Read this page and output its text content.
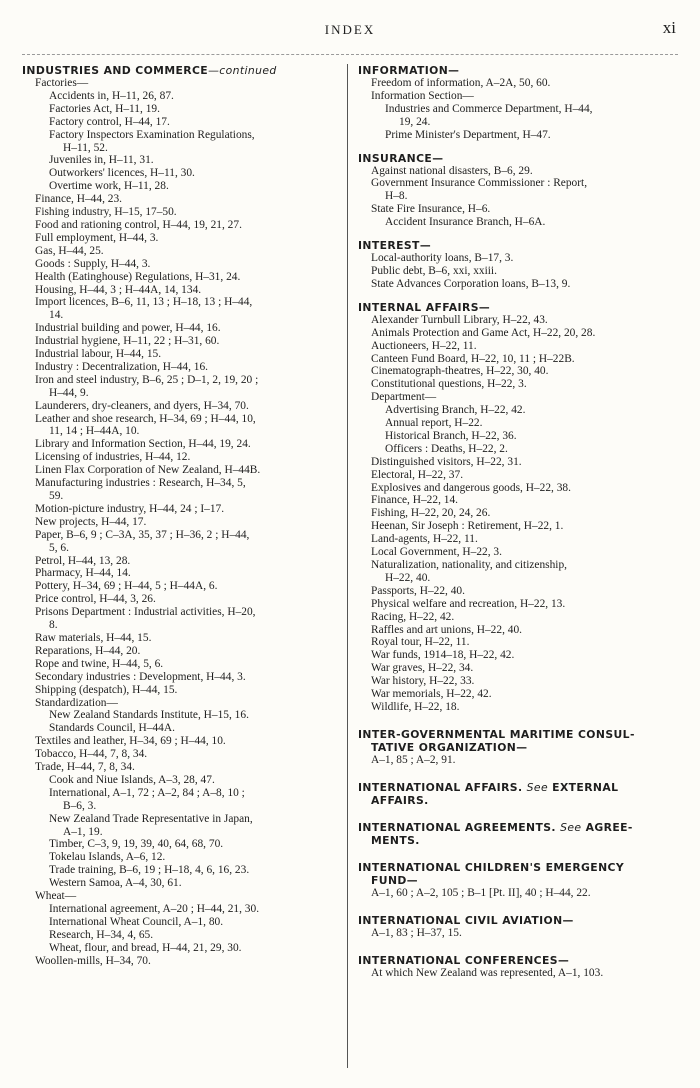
INDEX	xi
INDUSTRIES AND COMMERCE—continued
Factories—
Accidents in, H–11, 26, 87.
Factories Act, H–11, 19.
Factory control, H–44, 17.
Factory Inspectors Examination Regulations,
H–11, 52.
Juveniles in, H–11, 31.
Outworkers' licences, H–11, 30.
Overtime work, H–11, 28.
Finance, H–44, 23.
Fishing industry, H–15, 17–50.
Food and rationing control, H–44, 19, 21, 27.
Full employment, H–44, 3.
Gas, H–44, 25.
Goods : Supply, H–44, 3.
Health (Eatinghouse) Regulations, H–31, 24.
Housing, H–44, 3 ; H–44A, 14, 134.
Import licences, B–6, 11, 13 ; H–18, 13 ; H–44,
14.
Industrial building and power, H–44, 16.
Industrial hygiene, H–11, 22 ; H–31, 60.
Industrial labour, H–44, 15.
Industry : Decentralization, H–44, 16.
Iron and steel industry, B–6, 25 ; D–1, 2, 19, 20 ;
H–44, 9.
Launderers, dry-cleaners, and dyers, H–34, 70.
Leather and shoe research, H–34, 69 ; H–44, 10,
11, 14 ; H–44A, 10.
Library and Information Section, H–44, 19, 24.
Licensing of industries, H–44, 12.
Linen Flax Corporation of New Zealand, H–44B.
Manufacturing industries : Research, H–34, 5,
59.
Motion-picture industry, H–44, 24 ; I–17.
New projects, H–44, 17.
Paper, B–6, 9 ; C–3A, 35, 37 ; H–36, 2 ; H–44,
5, 6.
Petrol, H–44, 13, 28.
Pharmacy, H–44, 14.
Pottery, H–34, 69 ; H–44, 5 ; H–44A, 6.
Price control, H–44, 3, 26.
Prisons Department : Industrial activities, H–20,
8.
Raw materials, H–44, 15.
Reparations, H–44, 20.
Rope and twine, H–44, 5, 6.
Secondary industries : Development, H–44, 3.
Shipping (despatch), H–44, 15.
Standardization—
New Zealand Standards Institute, H–15, 16.
Standards Council, H–44A.
Textiles and leather, H–34, 69 ; H–44, 10.
Tobacco, H–44, 7, 8, 34.
Trade, H–44, 7, 8, 34.
Cook and Niue Islands, A–3, 28, 47.
International, A–1, 72 ; A–2, 84 ; A–8, 10 ;
B–6, 3.
New Zealand Trade Representative in Japan,
A–1, 19.
Timber, C–3, 9, 19, 39, 40, 64, 68, 70.
Tokelau Islands, A–6, 12.
Trade training, B–6, 19 ; H–18, 4, 6, 16, 23.
Western Samoa, A–4, 30, 61.
Wheat—
International agreement, A–20 ; H–44, 21, 30.
International Wheat Council, A–1, 80.
Research, H–34, 4, 65.
Wheat, flour, and bread, H–44, 21, 29, 30.
Woollen-mills, H–34, 70.
INFORMATION—
Freedom of information, A–2A, 50, 60.
Information Section—
Industries and Commerce Department, H–44,
19, 24.
Prime Minister's Department, H–47.
INSURANCE—
Against national disasters, B–6, 29.
Government Insurance Commissioner : Report,
H–8.
State Fire Insurance, H–6.
Accident Insurance Branch, H–6A.
INTEREST—
Local-authority loans, B–17, 3.
Public debt, B–6, xxi, xxiii.
State Advances Corporation loans, B–13, 9.
INTERNAL AFFAIRS—
Alexander Turnbull Library, H–22, 43.
Animals Protection and Game Act, H–22, 20, 28.
Auctioneers, H–22, 11.
Canteen Fund Board, H–22, 10, 11 ; H–22B.
Cinematograph-theatres, H–22, 30, 40.
Constitutional questions, H–22, 3.
Department—
Advertising Branch, H–22, 42.
Annual report, H–22.
Historical Branch, H–22, 36.
Officers : Deaths, H–22, 2.
Distinguished visitors, H–22, 31.
Electoral, H–22, 37.
Explosives and dangerous goods, H–22, 38.
Finance, H–22, 14.
Fishing, H–22, 20, 24, 26.
Heenan, Sir Joseph : Retirement, H–22, 1.
Land-agents, H–22, 11.
Local Government, H–22, 3.
Naturalization, nationality, and citizenship,
H–22, 40.
Passports, H–22, 40.
Physical welfare and recreation, H–22, 13.
Racing, H–22, 42.
Raffles and art unions, H–22, 40.
Royal tour, H–22, 11.
War funds, 1914–18, H–22, 42.
War graves, H–22, 34.
War history, H–22, 33.
War memorials, H–22, 42.
Wildlife, H–22, 18.
INTER-GOVERNMENTAL MARITIME CONSUL-
TATIVE ORGANIZATION—
A–1, 85 ; A–2, 91.
INTERNATIONAL AFFAIRS. See EXTERNAL
AFFAIRS.
INTERNATIONAL AGREEMENTS. See AGREE-
MENTS.
INTERNATIONAL CHILDREN'S EMERGENCY
FUND—
A–1, 60 ; A–2, 105 ; B–1 [Pt. II], 40 ; H–44, 22.
INTERNATIONAL CIVIL AVIATION—
A–1, 83 ; H–37, 15.
INTERNATIONAL CONFERENCES—
At which New Zealand was represented, A–1, 103.
